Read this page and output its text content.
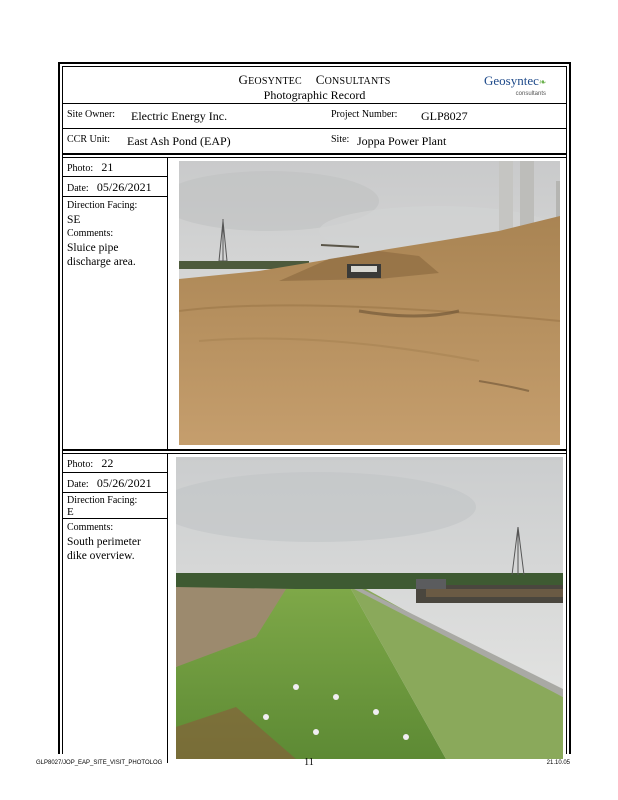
GEOSYNTEC CONSULTANTS
Photographic Record
Geosyntec❧
consultants
Site Owner: Electric Energy Inc.	Project Number: GLP8027
CCR Unit: East Ash Pond (EAP)	Site: Joppa Power Plant
Photo: 21
Date: 05/26/2021
Direction Facing:
SE
Comments:
Sluice pipe
discharge area.
Photo: 22
Date: 05/26/2021
Direction Facing:
E
Comments:
South perimeter
dike overview.
GLP8027/JOP_EAP_SITE_VISIT_PHOTOLOG	11	21.10.05
